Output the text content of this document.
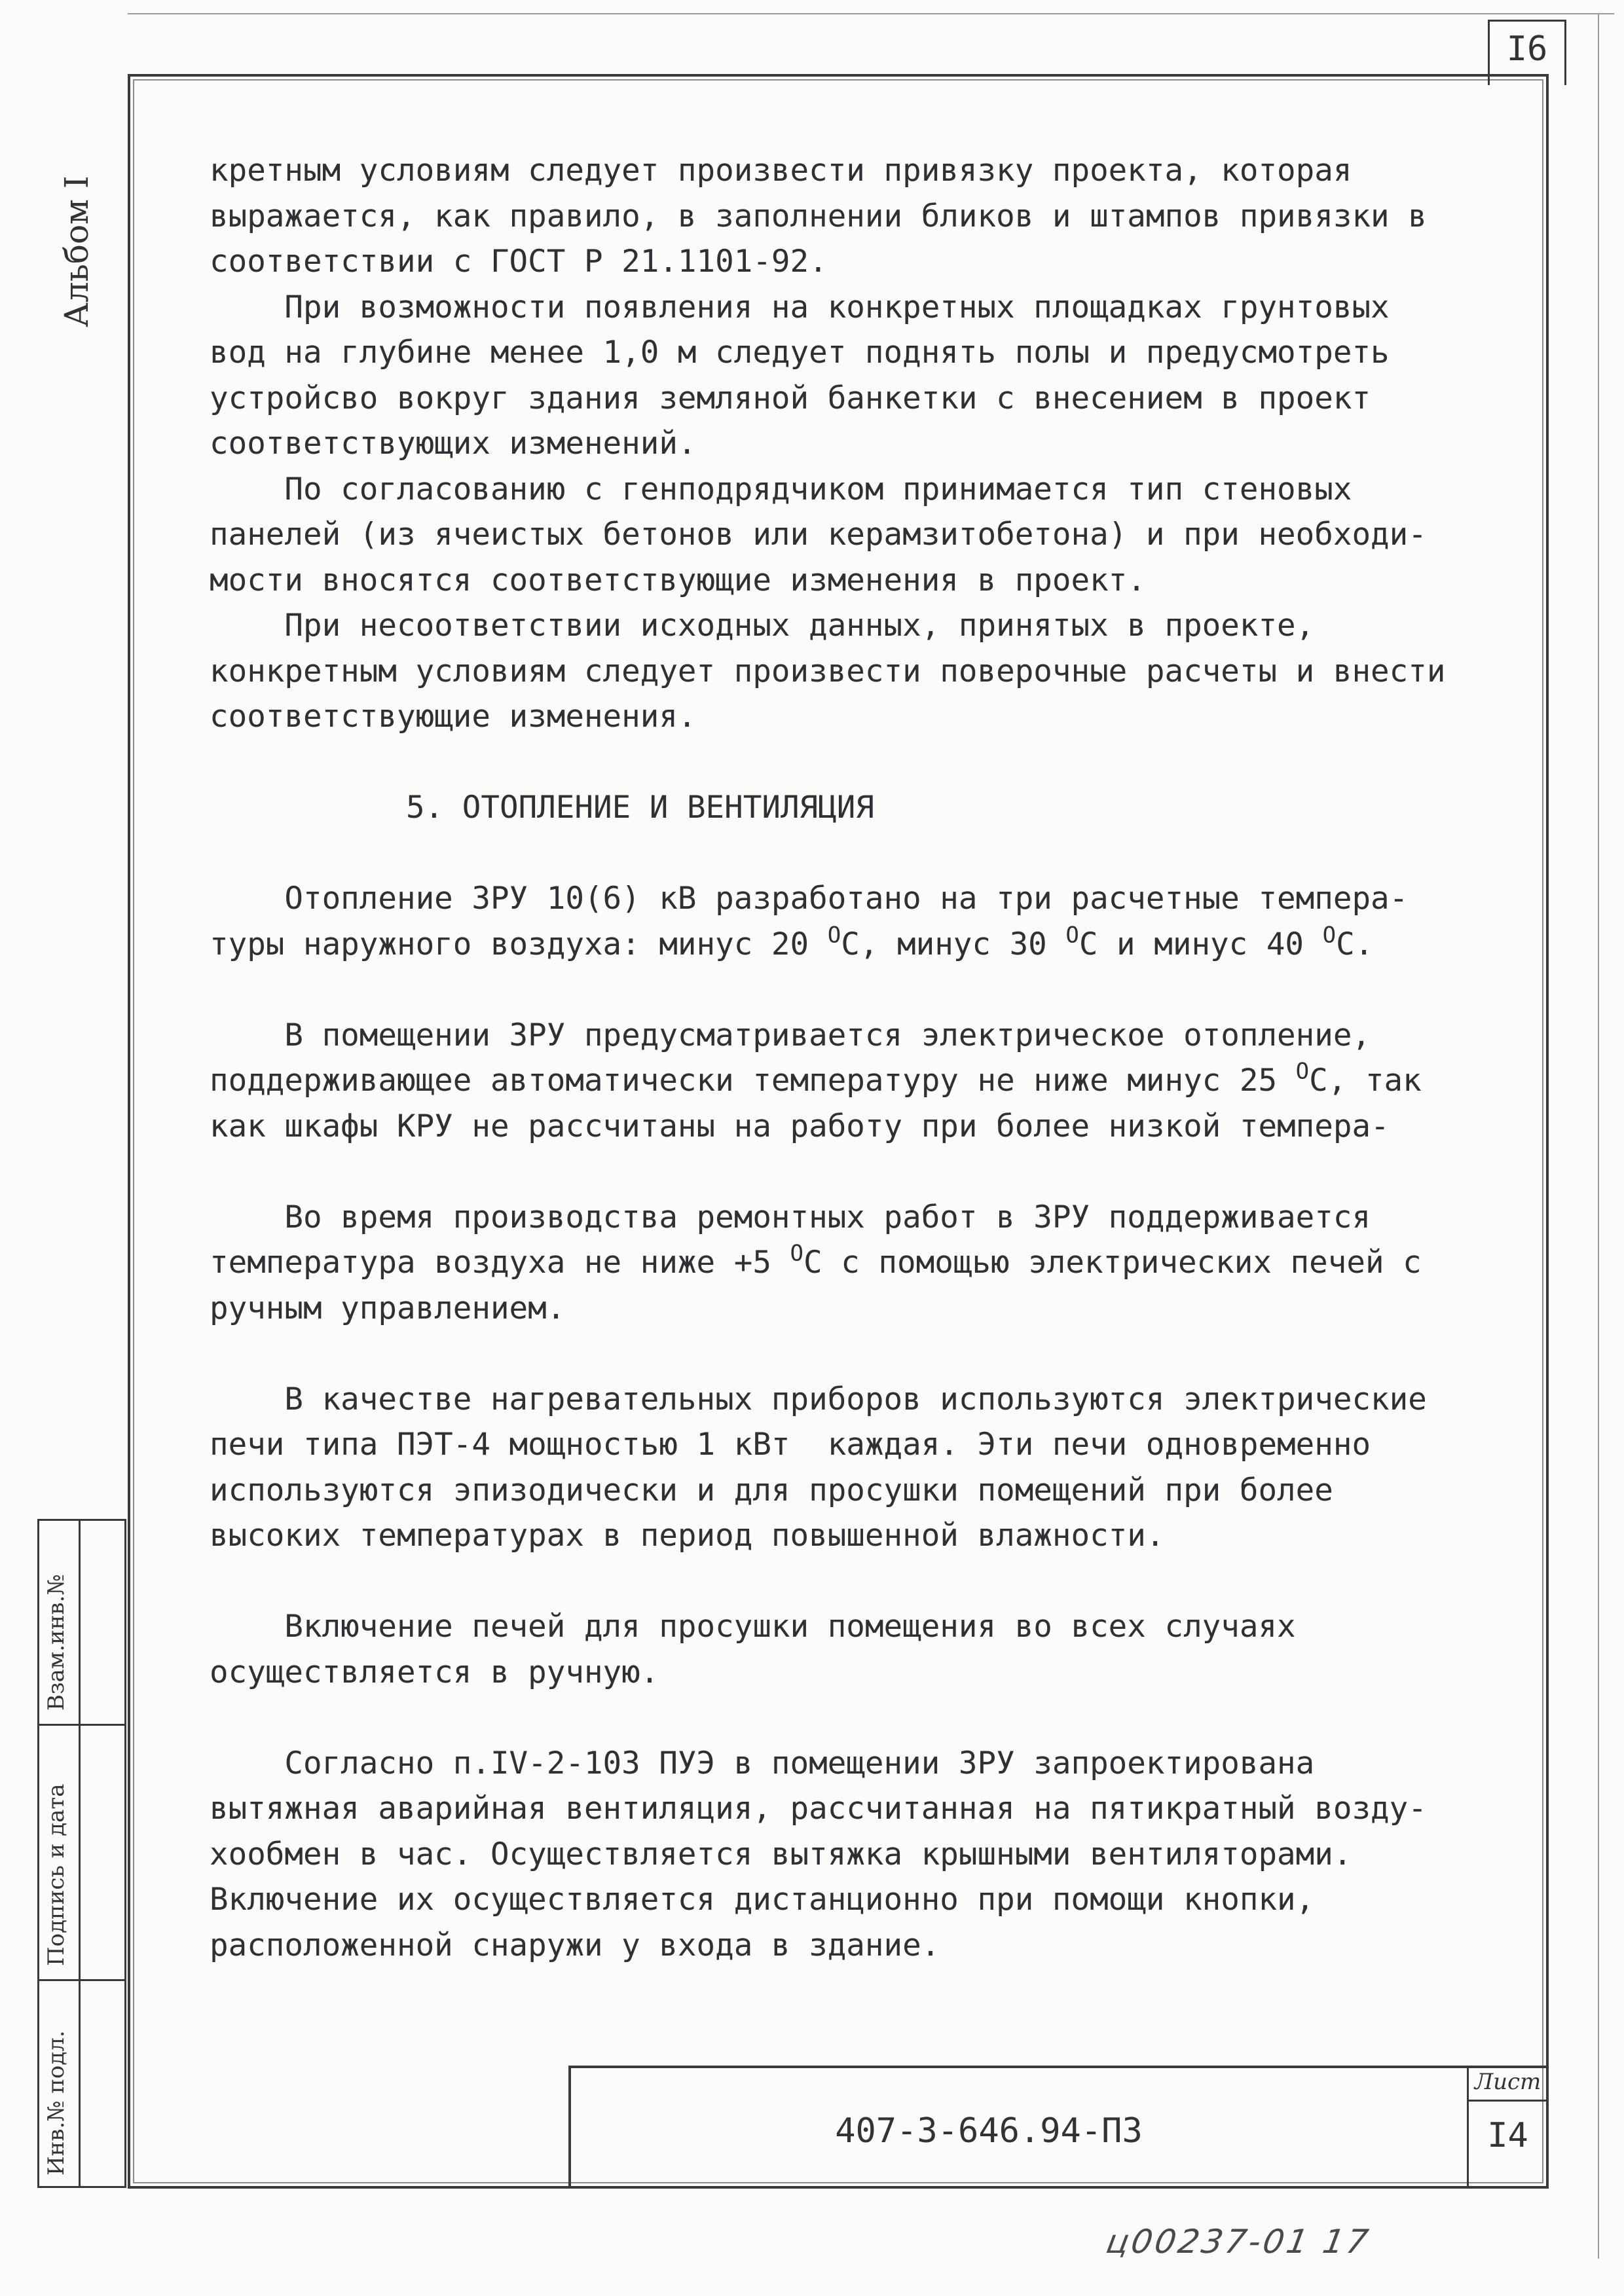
I6
Альбом I
Взам.инв.№
Подпись и дата
Инв.№ подл.

кретным условиям следует произвести привязку проекта, которая

выражается, как правило, в заполнении бликов и штампов привязки в

соответствии с ГОСТ Р 21.1101-92.

При возможности появления на конкретных площадках грунтовых

вод на глубине менее 1,0 м следует поднять полы и предусмотреть

устройсво вокруг здания земляной банкетки с внесением в проект

соответствующих изменений.

По согласованию с генподрядчиком принимается тип стеновых

панелей (из ячеистых бетонов или керамзитобетона) и при необходи-

мости вносятся соответствующие изменения в проект.

При несоответствии исходных данных, принятых в проекте,

конкретным условиям следует произвести поверочные расчеты и внести

соответствующие изменения.

5. ОТОПЛЕНИЕ И ВЕНТИЛЯЦИЯ

Отопление ЗРУ 10(6) кВ разработано на три расчетные темпера-

туры наружного воздуха: минус 20 $^О$С, минус 30 $^О$С и минус 40 $^О$С.

В помещении ЗРУ предусматривается электрическое отопление,

поддерживающее автоматически температуру не ниже минус 25 $^О$С, так

как шкафы КРУ не рассчитаны на работу при более низкой темпера-

Во время производства ремонтных работ в ЗРУ поддерживается

температура воздуха не ниже +5 $^О$С с помощью электрических печей с

ручным управлением.

В качестве нагревательных приборов используются электрические

печи типа ПЭТ-4 мощностью 1 кВт  каждая. Эти печи одновременно

используются эпизодически и для просушки помещений при более

высоких температурах в период повышенной влажности.

Включение печей для просушки помещения во всех случаях

осуществляется в ручную.

Согласно п.IV-2-103 ПУЭ в помещении ЗРУ запроектирована

вытяжная аварийная вентиляция, рассчитанная на пятикратный возду-

хообмен в час. Осуществляется вытяжка крышными вентиляторами.

Включение их осуществляется дистанционно при помощи кнопки,

расположенной снаружи у входа в здание.

407-3-646.94-ПЗ
Лист
I4
ц00237-01 17
